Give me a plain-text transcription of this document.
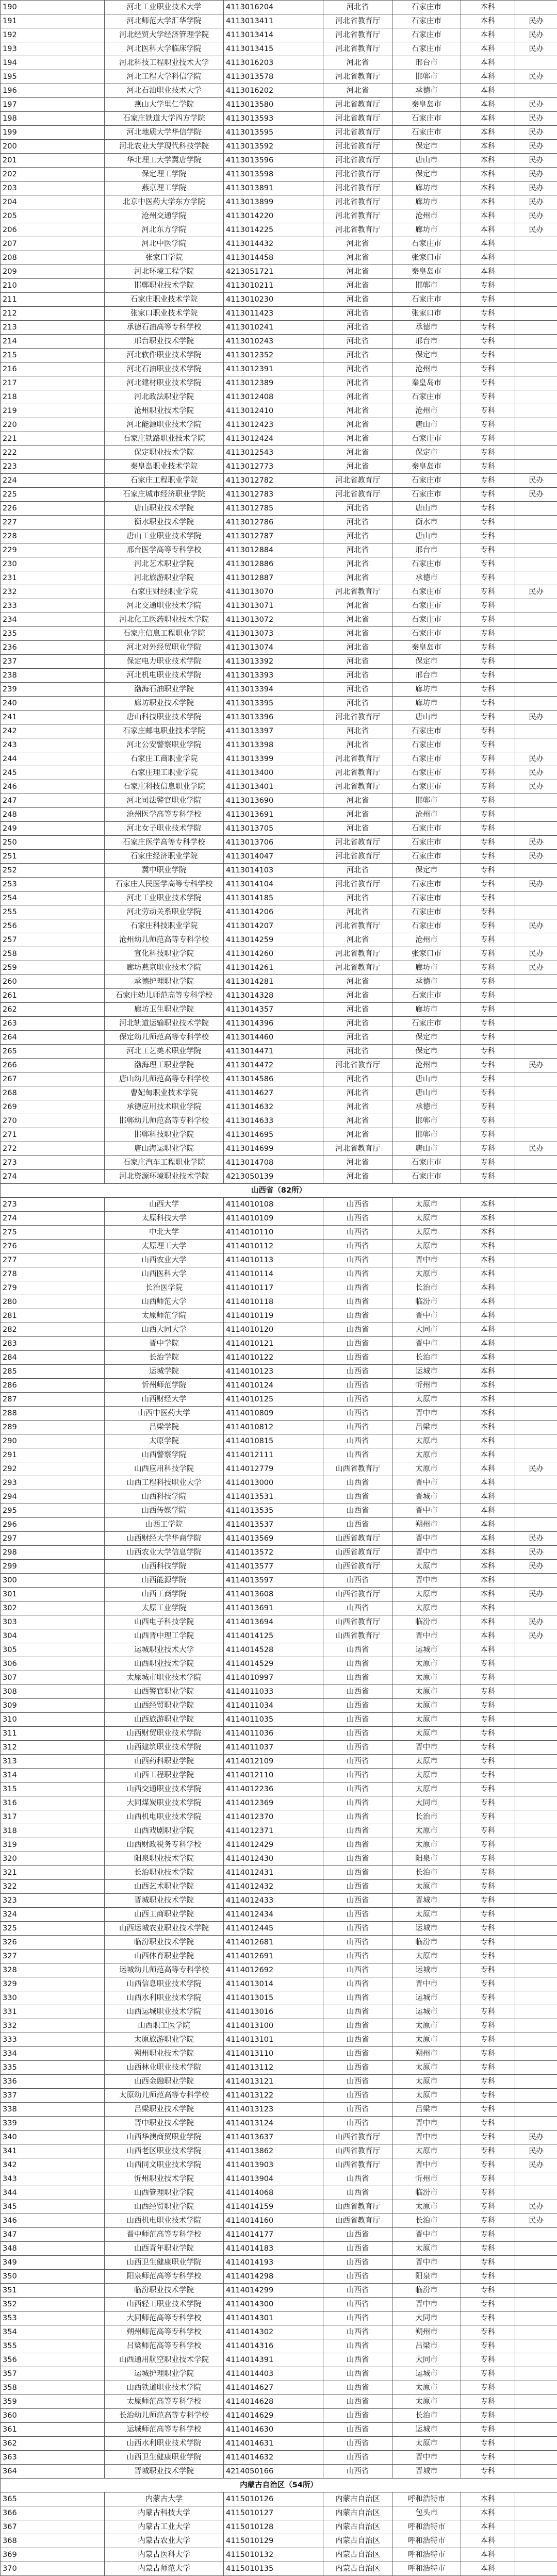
190	河北工业职业技术大学	4113016204	河北省	石家庄市	本科	
191	河北师范大学汇华学院	4113013411	河北省教育厅	石家庄市	本科	民办
192	河北经贸大学经济管理学院	4113013414	河北省教育厅	石家庄市	本科	民办
193	河北医科大学临床学院	4113013415	河北省教育厅	石家庄市	本科	民办
194	河北科技工程职业技术大学	4113016203	河北省	邢台市	本科	
195	河北工程大学科信学院	4113013578	河北省教育厅	邯郸市	本科	民办
196	河北石油职业技术大学	4113016202	河北省	承德市	本科	
197	燕山大学里仁学院	4113013580	河北省教育厅	秦皇岛市	本科	民办
198	石家庄铁道大学四方学院	4113013593	河北省教育厅	石家庄市	本科	民办
199	河北地质大学华信学院	4113013595	河北省教育厅	石家庄市	本科	民办
200	河北农业大学现代科技学院	4113013592	河北省教育厅	保定市	本科	民办
201	华北理工大学冀唐学院	4113013596	河北省教育厅	唐山市	本科	民办
202	保定理工学院	4113013598	河北省教育厅	保定市	本科	民办
203	燕京理工学院	4113013891	河北省教育厅	廊坊市	本科	民办
204	北京中医药大学东方学院	4113013899	河北省教育厅	廊坊市	本科	民办
205	沧州交通学院	4113014220	河北省教育厅	沧州市	本科	民办
206	河北东方学院	4113014225	河北省教育厅	廊坊市	本科	民办
207	河北中医学院	4113014432	河北省	石家庄市	本科	
208	张家口学院	4113014458	河北省	张家口市	本科	
209	河北环境工程学院	4213051721	河北省	秦皇岛市	本科	
210	邯郸职业技术学院	4113010211	河北省	邯郸市	专科	
211	石家庄职业技术学院	4113010230	河北省	石家庄市	专科	
212	张家口职业技术学院	4113011423	河北省	张家口市	专科	
213	承德石油高等专科学校	4113010241	河北省	承德市	专科	
214	邢台职业技术学院	4113010243	河北省	邢台市	专科	
215	河北软件职业技术学院	4113012352	河北省	保定市	专科	
216	河北石油职业技术学院	4113012391	河北省	沧州市	专科	
217	河北建材职业技术学院	4113012389	河北省	秦皇岛市	专科	
218	河北政法职业学院	4113012408	河北省	石家庄市	专科	
219	沧州职业技术学院	4113012410	河北省	沧州市	专科	
220	河北能源职业技术学院	4113012423	河北省	唐山市	专科	
221	石家庄铁路职业技术学院	4113012424	河北省	石家庄市	专科	
222	保定职业技术学院	4113012543	河北省	保定市	专科	
223	秦皇岛职业技术学院	4113012773	河北省	秦皇岛市	专科	
224	石家庄工程职业学院	4113012782	河北省教育厅	石家庄市	专科	民办
225	石家庄城市经济职业学院	4113012783	河北省教育厅	石家庄市	专科	民办
226	唐山职业技术学院	4113012785	河北省	唐山市	专科	
227	衡水职业技术学院	4113012786	河北省	衡水市	专科	
228	唐山工业职业技术学院	4113012787	河北省	唐山市	专科	
229	邢台医学高等专科学校	4113012884	河北省	邢台市	专科	
230	河北艺术职业学院	4113012886	河北省	石家庄市	专科	
231	河北旅游职业学院	4113012887	河北省	承德市	专科	
232	石家庄财经职业学院	4113013070	河北省教育厅	石家庄市	专科	民办
233	河北交通职业技术学院	4113013071	河北省	石家庄市	专科	
234	河北化工医药职业技术学院	4113013072	河北省	石家庄市	专科	
235	石家庄信息工程职业学院	4113013073	河北省	石家庄市	专科	
236	河北对外经贸职业学院	4113013074	河北省	秦皇岛市	专科	
237	保定电力职业技术学院	4113013392	河北省	保定市	专科	
238	河北机电职业技术学院	4113013393	河北省	邢台市	专科	
239	渤海石油职业学院	4113013394	河北省	廊坊市	专科	
240	廊坊职业技术学院	4113013395	河北省	廊坊市	专科	
241	唐山科技职业技术学院	4113013396	河北省教育厅	唐山市	专科	民办
242	石家庄邮电职业技术学院	4113013397	河北省	石家庄市	专科	
243	河北公安警察职业学院	4113013398	河北省	石家庄市	专科	
244	石家庄工商职业学院	4113013399	河北省教育厅	石家庄市	专科	民办
245	石家庄理工职业学院	4113013400	河北省教育厅	石家庄市	专科	民办
246	石家庄科技信息职业学院	4113013401	河北省教育厅	石家庄市	专科	民办
247	河北司法警官职业学院	4113013690	河北省	邯郸市	专科	
248	沧州医学高等专科学校	4113013691	河北省	沧州市	专科	
249	河北女子职业技术学院	4113013705	河北省	石家庄市	专科	
250	石家庄医学高等专科学校	4113013706	河北省教育厅	石家庄市	专科	民办
251	石家庄经济职业学院	4113014047	河北省教育厅	石家庄市	专科	民办
252	冀中职业学院	4113014103	河北省	保定市	专科	
253	石家庄人民医学高等专科学校	4113014104	河北省教育厅	石家庄市	专科	民办
254	河北工业职业技术学院	4113014185	河北省	石家庄市	专科	
255	河北劳动关系职业学院	4113014206	河北省	石家庄市	专科	
256	石家庄科技职业学院	4113014207	河北省教育厅	石家庄市	专科	民办
257	沧州幼儿师范高等专科学校	4113014259	河北省	沧州市	专科	
258	宣化科技职业学院	4113014260	河北省教育厅	张家口市	专科	民办
259	廊坊燕京职业技术学院	4113014261	河北省教育厅	廊坊市	专科	民办
260	承德护理职业学院	4113014281	河北省	承德市	专科	
261	石家庄幼儿师范高等专科学校	4113014328	河北省	石家庄市	专科	
262	廊坊卫生职业学院	4113014357	河北省	廊坊市	专科	
263	河北轨道运输职业技术学院	4113014396	河北省	石家庄市	专科	
264	保定幼儿师范高等专科学校	4113014460	河北省	保定市	专科	
265	河北工艺美术职业学院	4113014471	河北省	保定市	专科	
266	渤海理工职业学院	4113014472	河北省教育厅	沧州市	专科	民办
267	唐山幼儿师范高等专科学校	4113014586	河北省	唐山市	专科	
268	曹妃甸职业技术学院	4113014627	河北省	唐山市	专科	
269	承德应用技术职业学院	4113014632	河北省	承德市	专科	
270	邯郸幼儿师范高等专科学校	4113014633	河北省	邯郸市	专科	
271	邯郸科技职业学院	4113014695	河北省	邯郸市	专科	
272	唐山海运职业学院	4113014699	河北省教育厅	唐山市	专科	民办
273	石家庄汽车工程职业学院	4113014708	河北省	石家庄市	专科	
274	河北资源环境职业技术学院	4213050139	河北省	石家庄市	专科	
山西省（82所）						
273	山西大学	4114010108	山西省	太原市	本科	
274	太原科技大学	4114010109	山西省	太原市	本科	
275	中北大学	4114010110	山西省	太原市	本科	
276	太原理工大学	4114010112	山西省	太原市	本科	
277	山西农业大学	4114010113	山西省	晋中市	本科	
278	山西医科大学	4114010114	山西省	太原市	本科	
279	长治医学院	4114010117	山西省	长治市	本科	
280	山西师范大学	4114010118	山西省	临汾市	本科	
281	太原师范学院	4114010119	山西省	晋中市	本科	
282	山西大同大学	4114010120	山西省	大同市	本科	
283	晋中学院	4114010121	山西省	晋中市	本科	
284	长治学院	4114010122	山西省	长治市	本科	
285	运城学院	4114010123	山西省	运城市	本科	
286	忻州师范学院	4114010124	山西省	忻州市	本科	
287	山西财经大学	4114010125	山西省	太原市	本科	
288	山西中医药大学	4114010809	山西省	晋中市	本科	
289	吕梁学院	4114010812	山西省	吕梁市	本科	
290	太原学院	4114010815	山西省	太原市	本科	
291	山西警察学院	4114012111	山西省	太原市	本科	
292	山西应用科技学院	4114012779	山西省教育厅	太原市	本科	民办
293	山西工程科技职业大学	4114013000	山西省	晋中市	本科	
294	山西科技学院	4114013531	山西省	晋城市	本科	
295	山西传媒学院	4114013535	山西省	晋中市	本科	
296	山西工学院	4114013537	山西省	朔州市	本科	
297	山西财经大学华商学院	4114013569	山西省教育厅	晋中市	本科	民办
298	山西农业大学信息学院	4114013572	山西省教育厅	晋中市	本科	民办
299	山西科技学院	4114013577	山西省教育厅	太原市	本科	民办
300	山西能源学院	4114013597	山西省	晋中市	本科	
301	山西工商学院	4114013608	山西省教育厅	太原市	本科	民办
302	太原工业学院	4114013691	山西省	太原市	本科	
303	山西电子科技学院	4114013694	山西省教育厅	临汾市	本科	民办
304	山西晋中理工学院	4114014125	山西省教育厅	晋中市	本科	民办
305	运城职业技术大学	4114014528	山西省	运城市	本科	
306	山西职业技术学院	4114014529	山西省	太原市	专科	
307	太原城市职业技术学院	4114010997	山西省	太原市	专科	
308	山西警官职业学院	4114011033	山西省	太原市	专科	
309	山西经贸职业学院	4114011034	山西省	太原市	专科	
310	山西旅游职业学院	4114011035	山西省	太原市	专科	
311	山西财贸职业技术学院	4114011036	山西省	太原市	专科	
312	山西建筑职业技术学院	4114011037	山西省	晋中市	专科	
313	山西药科职业学院	4114012109	山西省	太原市	专科	
314	山西工程职业学院	4114012110	山西省	太原市	专科	
315	山西交通职业技术学院	4114012236	山西省	太原市	专科	
316	大同煤炭职业技术学院	4114012369	山西省	大同市	专科	
317	山西机电职业技术学院	4114012370	山西省	长治市	专科	
318	山西戏剧职业学院	4114012371	山西省	太原市	专科	
319	山西财政税务专科学校	4114012429	山西省	太原市	专科	
320	阳泉职业技术学院	4114012430	山西省	阳泉市	专科	
321	长治职业技术学院	4114012431	山西省	长治市	专科	
322	山西艺术职业学院	4114012432	山西省	太原市	专科	
323	晋城职业技术学院	4114012433	山西省	晋城市	专科	
324	山西工商职业学院	4114012434	山西省	太原市	专科	
325	山西运城农业职业技术学院	4114012445	山西省	运城市	专科	
326	临汾职业技术学院	4114012681	山西省	临汾市	专科	
327	山西体育职业学院	4114012691	山西省	太原市	专科	
328	运城幼儿师范高等专科学校	4114012692	山西省	运城市	专科	
329	山西信息职业技术学院	4114013014	山西省	晋中市	专科	
330	山西水利职业技术学院	4114013015	山西省	运城市	专科	
331	山西运城职业技术学院	4114013016	山西省	运城市	专科	
332	山西职工医学院	4114013100	山西省	太原市	专科	
333	太原旅游职业学院	4114013101	山西省	太原市	专科	
334	朔州职业技术学院	4114013110	山西省	朔州市	专科	
335	山西林业职业技术学院	4114013112	山西省	太原市	专科	
336	山西金融职业学院	4114013121	山西省	太原市	专科	
337	太原幼儿师范高等专科学校	4114013122	山西省	太原市	专科	
338	吕梁职业技术学院	4114013123	山西省	吕梁市	专科	
339	晋中职业技术学院	4114013124	山西省	晋中市	专科	
340	山西华澳商贸职业学院	4114013637	山西省教育厅	晋中市	专科	民办
341	山西老区职业技术学院	4114013862	山西省教育厅	太原市	专科	民办
342	山西同文职业技术学院	4114013903	山西省教育厅	晋中市	专科	民办
343	忻州职业技术学院	4114013904	山西省	忻州市	专科	
344	山西管理职业学院	4114014068	山西省	临汾市	专科	
345	山西经贸职业学院	4114014159	山西省教育厅	太原市	专科	民办
346	山西机电职业技术学院	4114014160	山西省教育厅	长治市	专科	民办
347	晋中师范高等专科学校	4114014177	山西省	晋中市	专科	
348	山西青年职业学院	4114014183	山西省	太原市	专科	
349	山西卫生健康职业学院	4114014193	山西省	晋中市	专科	
350	阳泉师范高等专科学校	4114014298	山西省	阳泉市	专科	
351	临汾职业技术学院	4114014299	山西省	临汾市	专科	
352	山西轻工职业技术学院	4114014300	山西省	晋中市	专科	
353	大同师范高等专科学校	4114014301	山西省	大同市	专科	
354	朔州师范高等专科学校	4114014302	山西省	朔州市	专科	
355	吕梁师范高等专科学校	4114014316	山西省	吕梁市	专科	
356	山西通用航空职业技术学院	4114014391	山西省	大同市	专科	
357	运城护理职业学院	4114014403	山西省	运城市	专科	
358	山西铁道职业技术学院	4114014627	山西省	太原市	专科	
359	太原师范高等专科学校	4114014628	山西省	太原市	专科	
360	长治幼儿师范高等专科学校	4114014629	山西省	长治市	专科	
361	运城师范高等专科学校	4114014630	山西省	运城市	专科	
362	山西水利职业技术学院	4114014631	山西省	太原市	专科	
363	山西卫生健康职业学院	4114014632	山西省	晋中市	专科	
364	晋城职业技术学院	4214050166	山西省	晋城市	专科	
内蒙古自治区（54所）						
365	内蒙古大学	4115010126	内蒙古自治区	呼和浩特市	本科	
366	内蒙古科技大学	4115010127	内蒙古自治区	包头市	本科	
367	内蒙古工业大学	4115010128	内蒙古自治区	呼和浩特市	本科	
368	内蒙古农业大学	4115010129	内蒙古自治区	呼和浩特市	本科	
369	内蒙古医科大学	4115010132	内蒙古自治区	呼和浩特市	本科	
370	内蒙古师范大学	4115010135	内蒙古自治区	呼和浩特市	本科	
